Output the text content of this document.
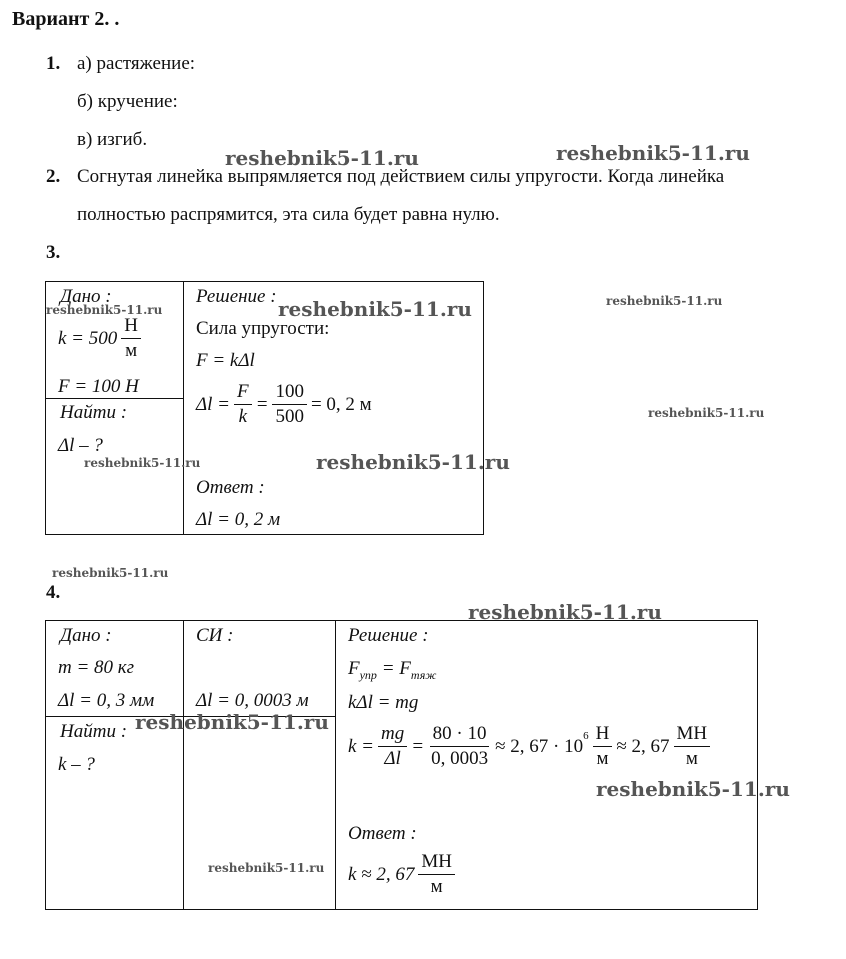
Вариант 2. .
1. а) растяжение:
б) кручение:
в) изгиб.
2. Согнутая линейка выпрямляется под действием силы упругости. Когда линейка
полностью распрямится, эта сила будет равна нулю.
3.
Дано :
$k = 500 \frac{Н}{м}$
F = 100 Н
Найти :
Δl – ?
Решение :
Сила упругости:
F = kΔl
$\Delta l = \frac{F}{k} = \frac{100}{500} = 0$, 2 м
Ответ :
Δl = 0, 2 м
4.
Дано :
m = 80 кг
Δl = 0, 3 мм
Найти :
k – ?
СИ :
Δl = 0, 0003 м
Решение :
$F_{упр} = F_{тяж}$
kΔl = mg
$k = \frac{mg}{\Delta l} = \frac{80 \cdot 10}{0, 0003} \approx 2$, $67 \cdot 10^6 \frac{Н}{м} \approx 2$, $67 \frac{МН}{м}$
Ответ :
k ≈ 2, $67 \frac{МН}{м}$
reshebnik5-11.ru	reshebnik5-11.ru
reshebnik5-11.ru	reshebnik5-11.ru	reshebnik5-11.ru
reshebnik5-11.ru
reshebnik5-11.ru	reshebnik5-11.ru
reshebnik5-11.ru
reshebnik5-11.ru
reshebnik5-11.ru
reshebnik5-11.ru
reshebnik5-11.ru
